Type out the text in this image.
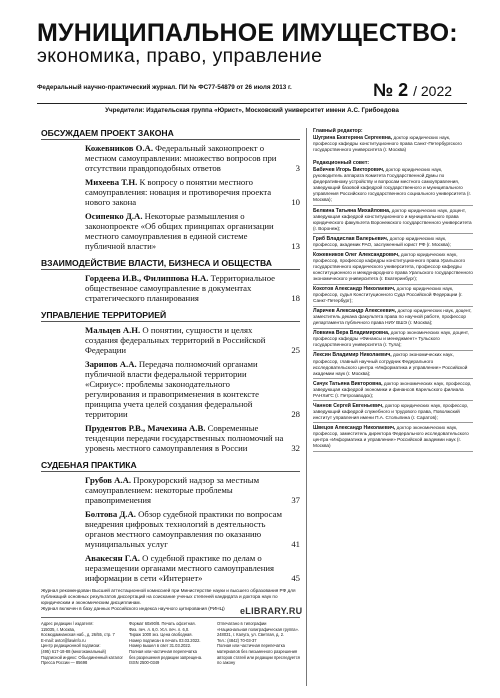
МУНИЦИПАЛЬНОЕ ИМУЩЕСТВО:
экономика, право, управление
Федеральный научно-практический журнал. ПИ № ФС77-54879 от 26 июля 2013 г.	№ 2 / 2022
Учредители: Издательская группа «Юрист», Московский университет имени А.С. Грибоедова
ОБСУЖДАЕМ ПРОЕКТ ЗАКОНА
Кожевников О.А. Федеральный законопроект о местном самоуправлении: множество вопросов при отсутствии правдоподобных ответов	3
Михеева Т.Н. К вопросу о понятии местного самоуправления: новация и противоречия проекта нового закона	10
Осипенко Д.А. Некоторые размышления о законопроекте «Об общих принципах организации местного самоуправления в единой системе публичной власти»	13
ВЗАИМОДЕЙСТВИЕ ВЛАСТИ, БИЗНЕСА И ОБЩЕСТВА
Гордеева И.В., Филиппова Н.А. Территориальное общественное самоуправление в документах стратегического планирования	18
УПРАВЛЕНИЕ ТЕРРИТОРИЕЙ
Мальцев А.Н. О понятии, сущности и целях создания федеральных территорий в Российской Федерации	25
Зарипов А.А. Передача полномочий органами публичной власти федеральной территории «Сириус»: проблемы законодательного регулирования и правоприменения в контексте принципа учета целей создания федеральной территории	28
Прудентов Р.В., Мачехина А.В. Современные тенденции передачи государственных полномочий на уровень местного самоуправления в России	32
СУДЕБНАЯ ПРАКТИКА
Грубов А.А. Прокурорский надзор за местным самоуправлением: некоторые проблемы правоприменения	37
Болтова Д.А. Обзор судебной практики по вопросам внедрения цифровых технологий в деятельность органов местного самоуправления по оказанию муниципальных услуг	41
Авакесян Г.А. О судебной практике по делам о неразмещении органами местного самоуправления информации в сети «Интернет»	45
Главный редактор:
Шугрина Екатерина Сергеевна, доктор юридических наук, профессор кафедры конституционного права Санкт-Петербургского государственного университета (г. Москва)
Редакционный совет:
Бабичев Игорь Викторович, доктор юридических наук, руководитель аппарата Комитета Государственной Думы по федеративному устройству и вопросам местного самоуправления, заведующий базовой кафедрой государственного и муниципального управления Российского государственного социального университета (г. Москва);
Белкина Татьяна Михайловна, доктор юридических наук, доцент, заведующая кафедрой конституционного и муниципального права юридического факультета Воронежского государственного университета (г. Воронеж);
Гриб Владислав Валерьевич, доктор юридических наук, профессор, академик РАО, заслуженный юрист РФ (г. Москва);
Кожевников Олег Александрович, доктор юридических наук, профессор, профессор кафедры конституционного права Уральского государственного юридического университета, профессор кафедры конституционного и международного права Уральского государственного экономического университета (г. Екатеринбург);
Кокотов Александр Николаевич, доктор юридических наук, профессор, судья Конституционного Суда Российской Федерации (г. Санкт-Петербург);
Ларичев Александр Алексеевич, доктор юридических наук, доцент, заместитель декана факультета права по научной работе, профессор департамента публичного права НИУ ВШЭ (г. Москва);
Ловкина Вера Владимировна, доктор экономических наук, доцент, профессор кафедры «Финансы и менеджмент» Тульского государственного университета (г. Тула);
Лексин Владимир Николаевич, доктор экономических наук, профессор, главный научный сотрудник Федерального исследовательского центра «Информатика и управление» Российской академии наук (г. Москва);
Сачук Татьяна Викторовна, доктор экономических наук, профессор, заведующая кафедрой экономики и финансов Карельского филиала РАНХиГС (г. Петрозаводск);
Чаннов Сергей Евгеньевич, доктор юридических наук, профессор, заведующий кафедрой служебного и трудового права, Поволжский институт управления имени П.А. Столыпина (г. Саратов);
Швецов Александр Николаевич, доктор экономических наук, профессор, заместитель директора Федерального исследовательского центра «Информатика и управление» Российской академии наук (г. Москва)
Журнал рекомендован Высшей аттестационной комиссией при Министерстве науки и высшего образования РФ для публикаций основных результатов диссертаций на соискание ученых степеней кандидата и доктора наук по юридическим и экономическим дисциплинам.
Журнал включен в базу данных Российского индекса научного цитирования (РИНЦ)	eLIBRARY.RU
Адрес редакции / издателя:
115035, г. Москва,
Космодамианская наб., д. 26/55, стр. 7
E-mail: avtor@lawinfo.ru
Центр редакционной подписки:
(495) 617-18-88 (многоканальный)
Подписной индекс: Объединенный каталог
Пресса России — 85698
Формат 60х90/8. Печать офсетная.
Физ. печ. л. 6,0. Усл. печ. л. 6,0.
Тираж 1000 экз. Цена свободная.
Номер подписан в печать 03.03.2022.
Номер вышел в свет 31.03.2022.
Полная или частичная перепечатка
без разрешения редакции запрещена.
ISSN 2500-0349
Отпечатано в типографии
«Национальная полиграфическая группа».
248031, г. Калуга, ул. Светлая, д. 2.
Тел.: (4842) 70-03-37
Полная или частичная перепечатка
материалов без письменного разрешения
авторов статей или редакции преследуется
по закону
